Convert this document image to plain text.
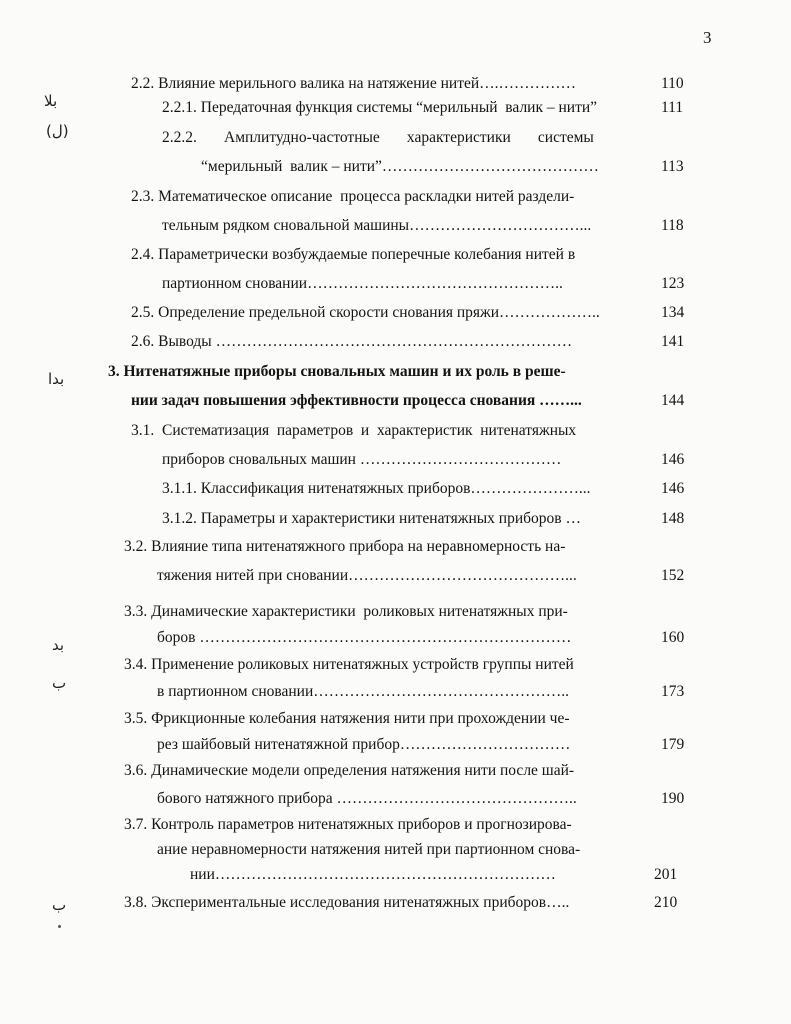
3
بلا
(ل)
بدا
بد
ب
ب
2.2. Влияние мерильного валика на натяжение нитей….……………	110
2.2.1. Передаточная функция системы “мерильный  валик – нити”	111
2.2.2.       Амплитудно-частотные       характеристики       системы
“мерильный  валик – нити”……………………………………	113
2.3. Математическое описание  процесса раскладки нитей раздели-
тельным рядком сновальной машины……………………………...	118
2.4. Параметрически возбуждаемые поперечные колебания нитей в
партионном сновании…………………………………………..	123
2.5. Определение предельной скорости снования пряжи………………..	134
2.6. Выводы ……………………………………………………………	141
3. Нитенатяжные приборы сновальных машин и их роль в реше-
нии задач повышения эффективности процесса снования ……...	144
3.1.  Систематизация  параметров  и  характеристик  нитенатяжных
приборов сновальных машин …………………………………	146
3.1.1. Классификация нитенатяжных приборов…………………...	146
3.1.2. Параметры и характеристики нитенатяжных приборов …	148
3.2. Влияние типа нитенатяжного прибора на неравномерность на-
тяжения нитей при сновании……………………………………...	152
3.3. Динамические характеристики  роликовых нитенатяжных при-
боров ………………………………………………………………	160
3.4. Применение роликовых нитенатяжных устройств группы нитей
в партионном сновании…………………………………………..	173
3.5. Фрикционные колебания натяжения нити при прохождении че-
рез шайбовый нитенатяжной прибор……………………………	179
3.6. Динамические модели определения натяжения нити после шай-
бового натяжного прибора ………………………………………..	190
3.7. Контроль параметров нитенатяжных приборов и прогнозирова-
ание неравномерности натяжения нитей при партионном снова-
нии…………………………………………………………	201
3.8. Экспериментальные исследования нитенатяжных приборов…..	210
